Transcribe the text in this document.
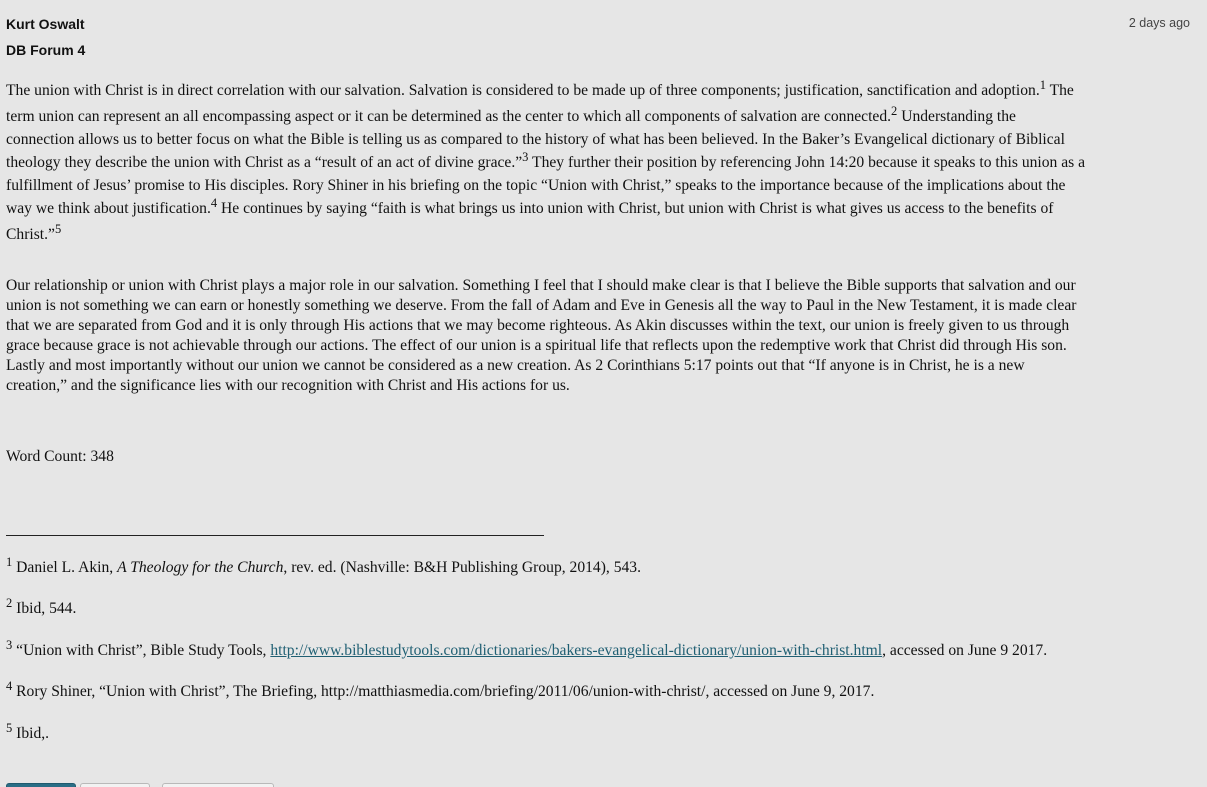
Kurt Oswalt	2 days ago
DB Forum 4

The union with Christ is in direct correlation with our salvation. Salvation is considered to be made up of three components; justification, sanctification and adoption.$^1$ The
term union can represent an all encompassing aspect or it can be determined as the center to which all components of salvation are connected.$^2$ Understanding the
connection allows us to better focus on what the Bible is telling us as compared to the history of what has been believed. In the Baker’s Evangelical dictionary of Biblical
theology they describe the union with Christ as a “result of an act of divine grace.”$^3$ They further their position by referencing John 14:20 because it speaks to this union as a
fulfillment of Jesus’ promise to His disciples. Rory Shiner in his briefing on the topic “Union with Christ,” speaks to the importance because of the implications about the
way we think about justification.$^4$ He continues by saying “faith is what brings us into union with Christ, but union with Christ is what gives us access to the benefits of
Christ.”$^5$

Our relationship or union with Christ plays a major role in our salvation. Something I feel that I should make clear is that I believe the Bible supports that salvation and our
union is not something we can earn or honestly something we deserve. From the fall of Adam and Eve in Genesis all the way to Paul in the New Testament, it is made clear
that we are separated from God and it is only through His actions that we may become righteous. As Akin discusses within the text, our union is freely given to us through
grace because grace is not achievable through our actions. The effect of our union is a spiritual life that reflects upon the redemptive work that Christ did through His son.
Lastly and most importantly without our union we cannot be considered as a new creation. As 2 Corinthians 5:17 points out that “If anyone is in Christ, he is a new
creation,” and the significance lies with our recognition with Christ and His actions for us.

Word Count: 348
$^1$ Daniel L. Akin, A Theology for the Church, rev. ed. (Nashville: B&H Publishing Group, 2014), 543.
$^2$ Ibid, 544.
$^3$ “Union with Christ”, Bible Study Tools, http://www.biblestudytools.com/dictionaries/bakers-evangelical-dictionary/union-with-christ.html, accessed on June 9 2017.
$^4$ Rory Shiner, “Union with Christ”, The Briefing, http://matthiasmedia.com/briefing/2011/06/union-with-christ/, accessed on June 9, 2017.
$^5$ Ibid,.
